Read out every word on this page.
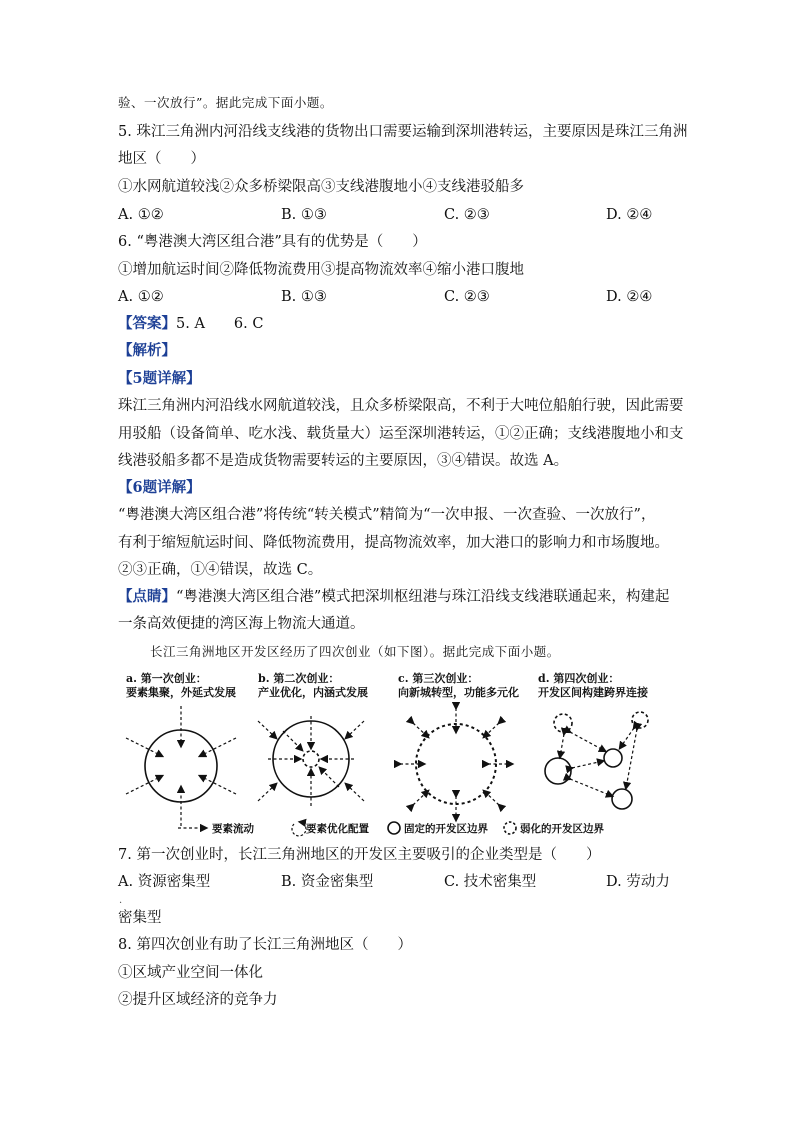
验、一次放行”。据此完成下面小题。
5. 珠江三角洲内河沿线支线港的货物出口需要运输到深圳港转运，主要原因是珠江三角洲
地区（　　）
①水网航道较浅②众多桥梁限高③支线港腹地小④支线港驳船多
A. ①②	B. ①③	C. ②③	D. ②④
6. “粤港澳大湾区组合港”具有的优势是（　　）
①增加航运时间②降低物流费用③提高物流效率④缩小港口腹地
A. ①②	B. ①③	C. ②③	D. ②④
【答案】5. A　　6. C
【解析】
【5题详解】
珠江三角洲内河沿线水网航道较浅，且众多桥梁限高，不利于大吨位船舶行驶，因此需要
用驳船（设备简单、吃水浅、载货量大）运至深圳港转运，①②正确；支线港腹地小和支
线港驳船多都不是造成货物需要转运的主要原因，③④错误。故选 A。
【6题详解】
“粤港澳大湾区组合港”将传统“转关模式”精简为“一次申报、一次查验、一次放行”，
有利于缩短航运时间、降低物流费用，提高物流效率，加大港口的影响力和市场腹地。
②③正确，①④错误，故选 C。
【点睛】“粤港澳大湾区组合港”模式把深圳枢纽港与珠江沿线支线港联通起来，构建起
一条高效便捷的湾区海上物流大通道。
长江三角洲地区开发区经历了四次创业（如下图）。据此完成下面小题。
a. 第一次创业：
要素集聚，外延式发展
b. 第二次创业：
产业优化，内涵式发展
c. 第三次创业：
向新城转型，功能多元化
d. 第四次创业：
开发区间构建跨界连接
要素流动	要素优化配置	固定的开发区边界	弱化的开发区边界
7. 第一次创业时，长江三角洲地区的开发区主要吸引的企业类型是（　　）
A. 资源密集型	B. 资金密集型	C. 技术密集型	D. 劳动力
·
密集型
8. 第四次创业有助了长江三角洲地区（　　）
①区域产业空间一体化
②提升区域经济的竞争力
